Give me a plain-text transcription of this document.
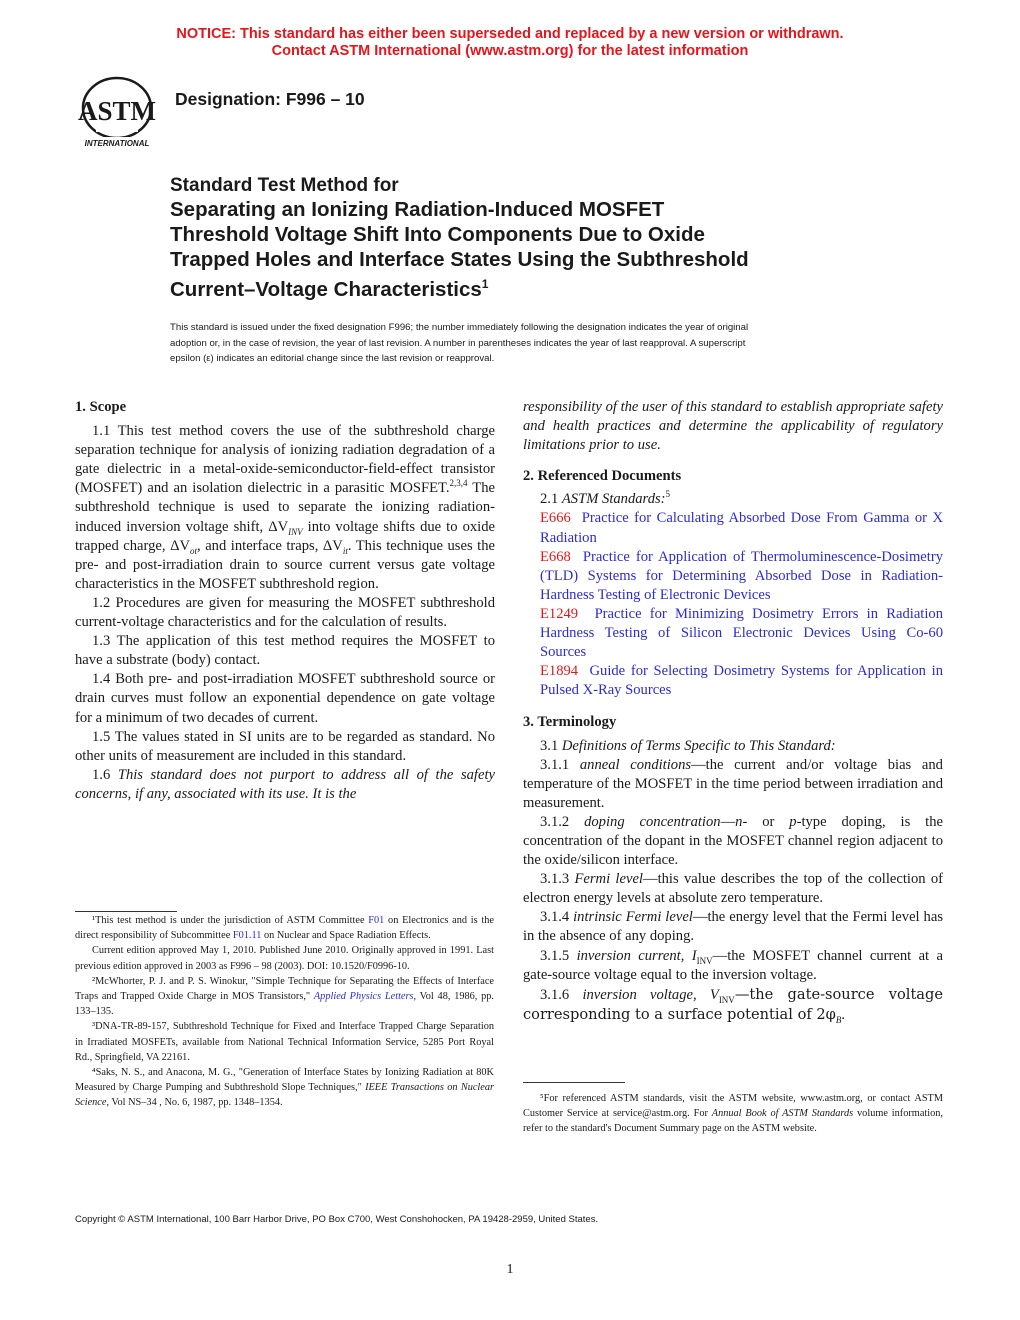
NOTICE: This standard has either been superseded and replaced by a new version or withdrawn.
Contact ASTM International (www.astm.org) for the latest information
ASTM
INTERNATIONAL
Designation: F996 – 10
Standard Test Method for
Separating an Ionizing Radiation-Induced MOSFET
Threshold Voltage Shift Into Components Due to Oxide
Trapped Holes and Interface States Using the Subthreshold
Current–Voltage Characteristics$^1$
This standard is issued under the fixed designation F996; the number immediately following the designation indicates the year of original
adoption or, in the case of revision, the year of last revision. A number in parentheses indicates the year of last reapproval. A superscript
epsilon (ε) indicates an editorial change since the last revision or reapproval.

1. Scope

1.1 This test method covers the use of the subthreshold charge separation technique for analysis of ionizing radiation degradation of a gate dielectric in a metal-oxide-semiconductor-field-effect transistor (MOSFET) and an isolation dielectric in a parasitic MOSFET.$^{2,3,4}$ The subthreshold technique is used to separate the ionizing radiation-induced inversion voltage shift, $\Delta V_{INV}$ into voltage shifts due to oxide trapped charge, $\Delta V_{ot}$, and interface traps, $\Delta V_{it}$. This technique uses the pre- and post-irradiation drain to source current versus gate voltage characteristics in the MOSFET subthreshold region.

1.2 Procedures are given for measuring the MOSFET subthreshold current-voltage characteristics and for the calculation of results.

1.3 The application of this test method requires the MOSFET to have a substrate (body) contact.

1.4 Both pre- and post-irradiation MOSFET subthreshold source or drain curves must follow an exponential dependence on gate voltage for a minimum of two decades of current.

1.5 The values stated in SI units are to be regarded as standard. No other units of measurement are included in this standard.

1.6 This standard does not purport to address all of the safety concerns, if any, associated with its use. It is the

¹This test method is under the jurisdiction of ASTM Committee F01 on Electronics and is the direct responsibility of Subcommittee F01.11 on Nuclear and Space Radiation Effects.

Current edition approved May 1, 2010. Published June 2010. Originally approved in 1991. Last previous edition approved in 2003 as F996 – 98 (2003). DOI: 10.1520/F0996-10.

²McWhorter, P. J. and P. S. Winokur, "Simple Technique for Separating the Effects of Interface Traps and Trapped Oxide Charge in MOS Transistors," Applied Physics Letters, Vol 48, 1986, pp. 133–135.

³DNA-TR-89-157, Subthreshold Technique for Fixed and Interface Trapped Charge Separation in Irradiated MOSFETs, available from National Technical Information Service, 5285 Port Royal Rd., Springfield, VA 22161.

⁴Saks, N. S., and Anacona, M. G., "Generation of Interface States by Ionizing Radiation at 80K Measured by Charge Pumping and Subthreshold Slope Techniques," IEEE Transactions on Nuclear Science, Vol NS–34 , No. 6, 1987, pp. 1348–1354.

responsibility of the user of this standard to establish appropriate safety and health practices and determine the applicability of regulatory limitations prior to use.

2. Referenced Documents

2.1 ASTM Standards:$^5$

E666 Practice for Calculating Absorbed Dose From Gamma or X Radiation

E668 Practice for Application of Thermoluminescence-Dosimetry (TLD) Systems for Determining Absorbed Dose in Radiation-Hardness Testing of Electronic Devices

E1249 Practice for Minimizing Dosimetry Errors in Radiation Hardness Testing of Silicon Electronic Devices Using Co-60 Sources

E1894 Guide for Selecting Dosimetry Systems for Application in Pulsed X-Ray Sources

3. Terminology

3.1 Definitions of Terms Specific to This Standard:

3.1.1 anneal conditions—the current and/or voltage bias and temperature of the MOSFET in the time period between irradiation and measurement.

3.1.2 doping concentration—n- or p-type doping, is the concentration of the dopant in the MOSFET channel region adjacent to the oxide/silicon interface.

3.1.3 Fermi level—this value describes the top of the collection of electron energy levels at absolute zero temperature.

3.1.4 intrinsic Fermi level—the energy level that the Fermi level has in the absence of any doping.

3.1.5 inversion current, $I_{INV}—the$ MOSFET channel current at a gate-source voltage equal to the inversion voltage.

3.1.6 inversion voltage, $V_{INV}—the$ gate-source voltage corresponding to a surface potential of $2\varphi_B$.

⁵For referenced ASTM standards, visit the ASTM website, www.astm.org, or contact ASTM Customer Service at service@astm.org. For Annual Book of ASTM Standards volume information, refer to the standard's Document Summary page on the ASTM website.

Copyright © ASTM International, 100 Barr Harbor Drive, PO Box C700, West Conshohocken, PA 19428-2959, United States.
1
